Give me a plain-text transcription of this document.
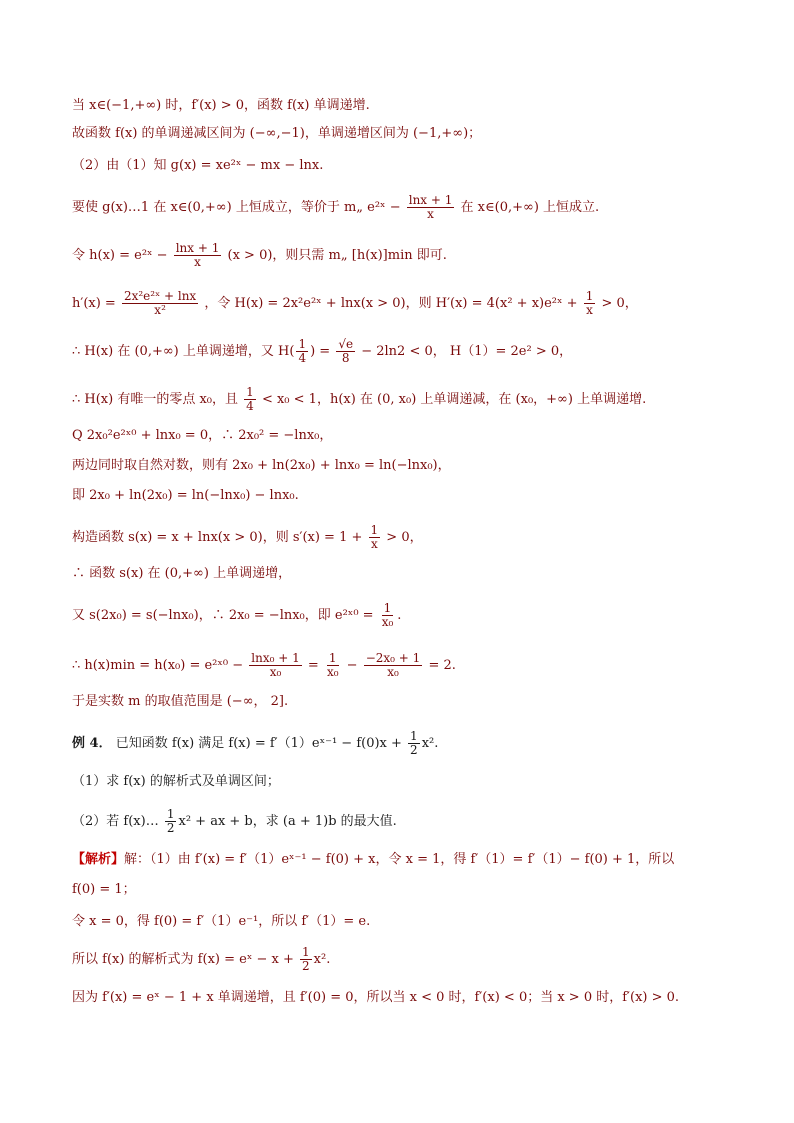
当 x∈(−1,+∞) 时，f′(x) > 0，函数 f(x) 单调递增.
故函数 f(x) 的单调递减区间为 (−∞,−1)，单调递增区间为 (−1,+∞)；
（2）由（1）知 g(x) = xe²ˣ − mx − lnx.
要使 g(x)…1 在 x∈(0,+∞) 上恒成立，等价于 m„ e²ˣ − $\frac{\ln x + 1}{x}$ 在 x∈(0,+∞) 上恒成立.
令 h(x) = e²ˣ − $\frac{\ln x + 1}{x} (x > 0)$，则只需 m„ [h(x)]min 即可.
$h'(x) = \frac{\text{2x²e²ˣ + lnx}}{\text{x²}}$ ，令 H(x) = 2x²e²ˣ + lnx(x > 0)，则 H′(x) = 4(x² + x)e²ˣ + $\frac{1}{x} > 0$，
∴ H(x) 在 (0,+∞) 上单调递增，又 $H( \frac{1}{4}$ ) = $\frac{√e}{8} - 2\ln 2 < 0$， H（1）= 2e² > 0，
∴ H(x) 有唯一的零点 x₀，且 $\frac{1}{4} < x_0 < 1$，h(x) 在 (0, x₀) 上单调递减，在 (x₀，+∞) 上单调递增.
Q 2x₀²e²ˣ⁰ + lnx₀ = 0，∴ 2x₀² = −lnx₀，
两边同时取自然对数，则有 2x₀ + ln(2x₀) + lnx₀ = ln(−lnx₀)，
即 2x₀ + ln(2x₀) = ln(−lnx₀) − lnx₀.
构造函数 s(x) = x + lnx(x > 0)，则 $s'(x) = 1 + \frac{1}{x} > 0$，
∴ 函数 s(x) 在 (0,+∞) 上单调递增，
又 s(2x₀) = s(−lnx₀)，∴ 2x₀ = −lnx₀，即 e²ˣ⁰ = $\frac{1}{\text{x₀}}$ .
∴ h(x)min = h(x₀) = e²ˣ⁰ − $\frac{\text{lnx₀ + 1}}{\text{x₀}} = \frac{1}{\text{x₀}} - \frac{\text{−2x₀ + 1}}{\text{x₀}} = 2$.
于是实数 m 的取值范围是 (−∞， 2].
例 4． 已知函数 f(x) 满足 f(x) = f′（1）eˣ⁻¹ − $f(0)x + \frac{1}{2} x^2$.
（1）求 f(x) 的解析式及单调区间；
（2）若 f(x)… $\frac{1}{2} x^2$ + ax + b，求 (a + 1)b 的最大值.
【解析】解：（1）由 f′(x) = f′（1）eˣ⁻¹ − f(0) + x，令 x = 1，得 f′（1）= f′（1）− f(0) + 1，所以
f(0) = 1；
令 x = 0，得 f(0) = f′（1）e⁻¹，所以 f′（1）= e.
所以 f(x) 的解析式为 f(x) = eˣ − $x + \frac{1}{2} x^2$.
因为 f′(x) = eˣ − 1 + x 单调递增，且 f′(0) = 0，所以当 x < 0 时，f′(x) < 0；当 x > 0 时，f′(x) > 0.
